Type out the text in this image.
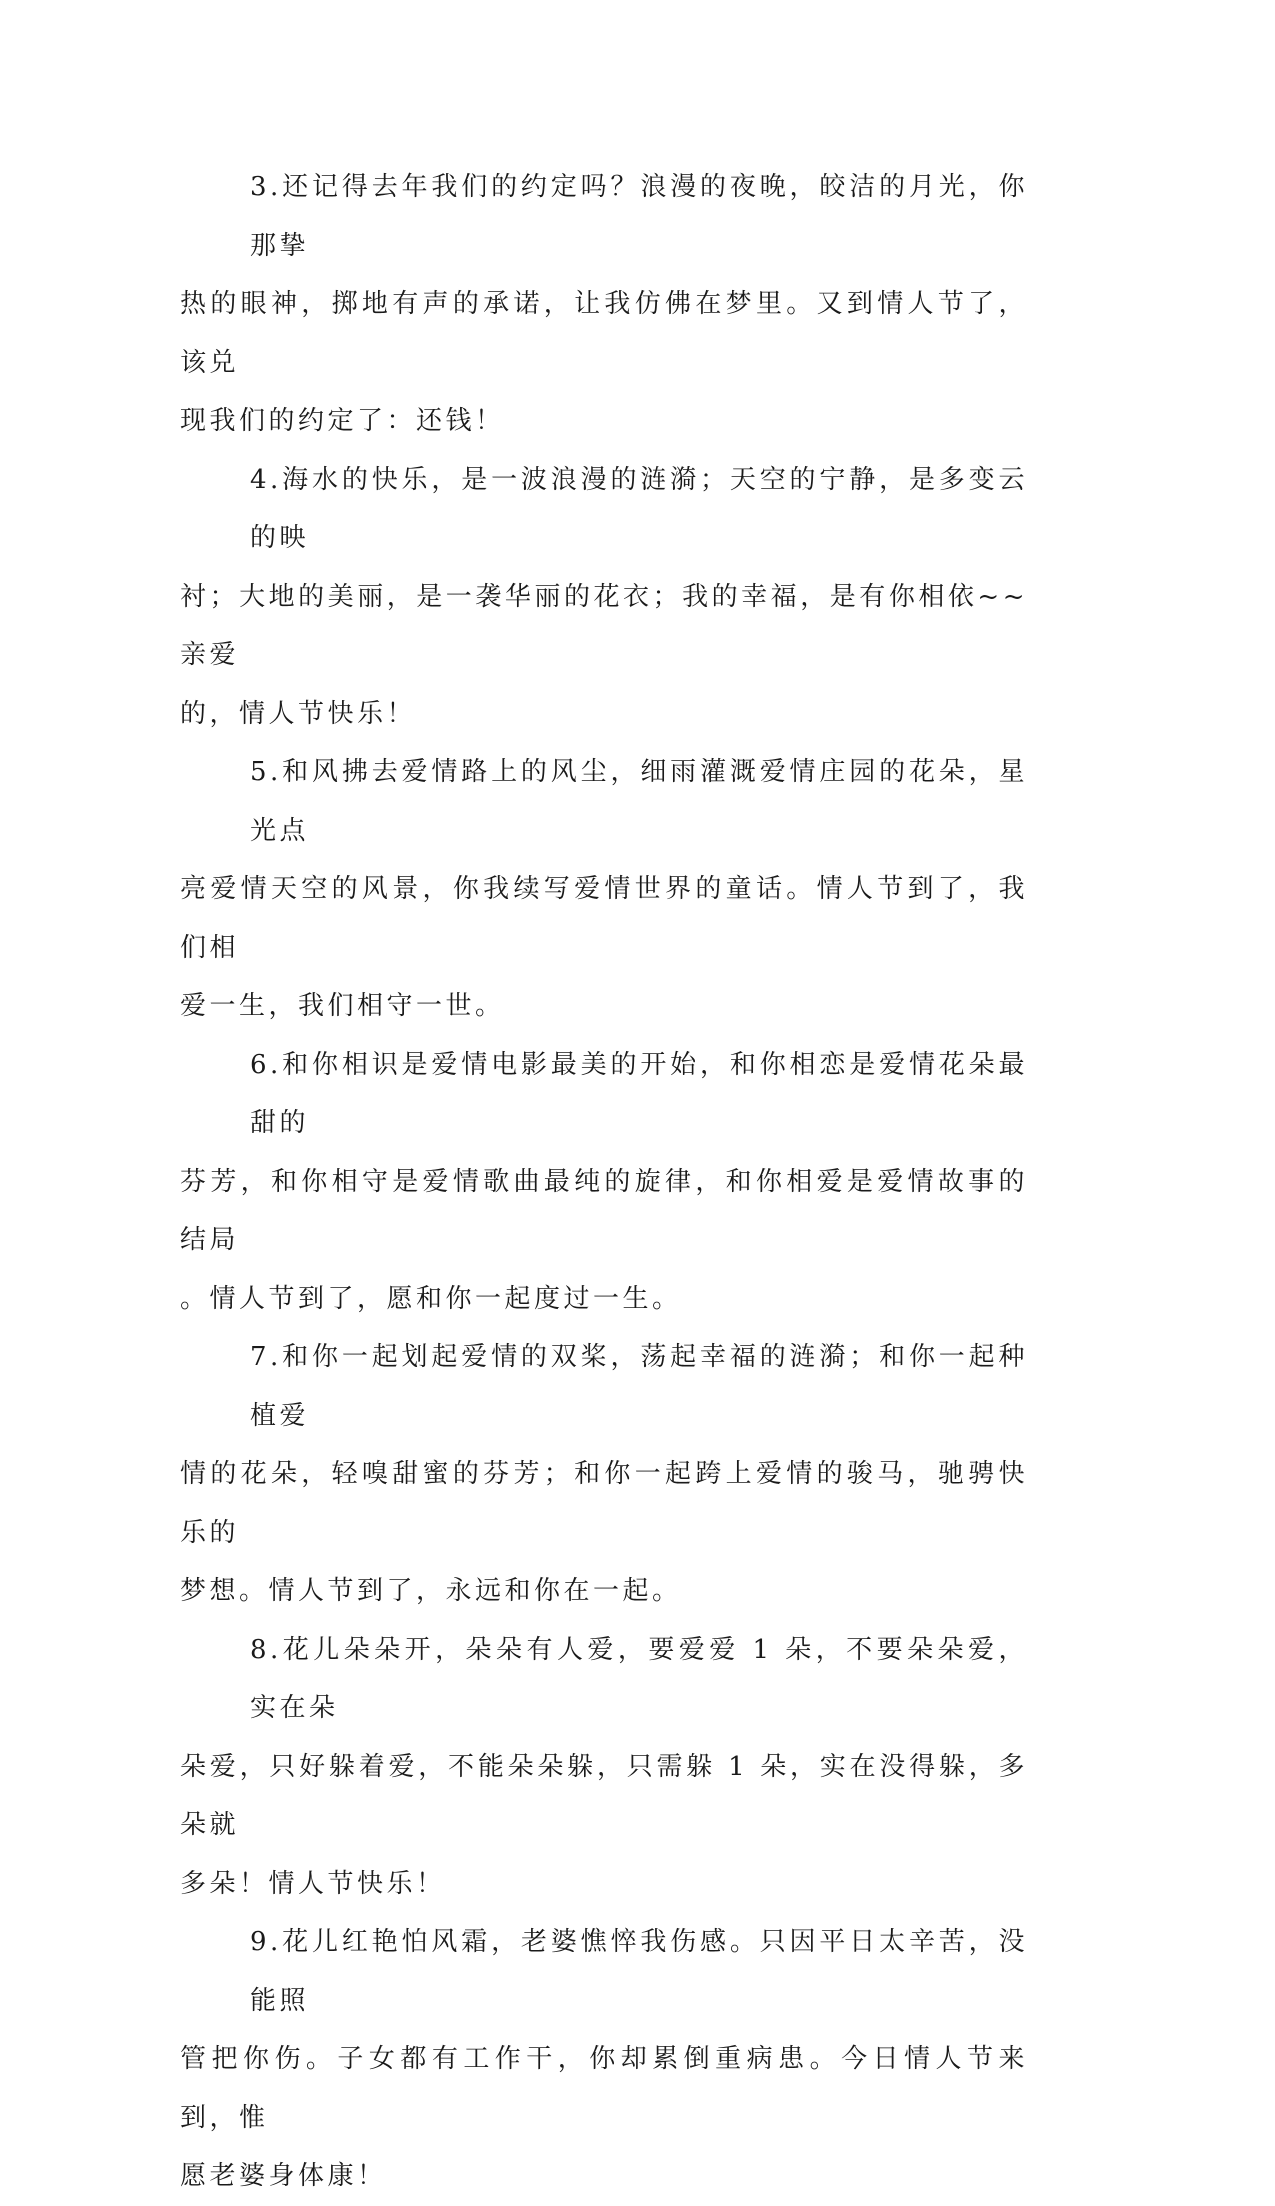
3.还记得去年我们的约定吗？浪漫的夜晚，皎洁的月光，你那挚
热的眼神，掷地有声的承诺，让我仿佛在梦里。又到情人节了，该兑
现我们的约定了：还钱！

4.海水的快乐，是一波浪漫的涟漪；天空的宁静，是多变云的映
衬；大地的美丽，是一袭华丽的花衣；我的幸福，是有你相依~~亲爱
的，情人节快乐！

5.和风拂去爱情路上的风尘，细雨灌溉爱情庄园的花朵，星光点
亮爱情天空的风景，你我续写爱情世界的童话。情人节到了，我们相
爱一生，我们相守一世。

6.和你相识是爱情电影最美的开始，和你相恋是爱情花朵最甜的
芬芳，和你相守是爱情歌曲最纯的旋律，和你相爱是爱情故事的结局
。情人节到了，愿和你一起度过一生。

7.和你一起划起爱情的双桨，荡起幸福的涟漪；和你一起种植爱
情的花朵，轻嗅甜蜜的芬芳；和你一起跨上爱情的骏马，驰骋快乐的
梦想。情人节到了，永远和你在一起。

8.花儿朵朵开，朵朵有人爱，要爱爱 1 朵，不要朵朵爱，实在朵
朵爱，只好躲着爱，不能朵朵躲，只需躲 1 朵，实在没得躲，多朵就
多朵！情人节快乐！

9.花儿红艳怕风霜，老婆憔悴我伤感。只因平日太辛苦，没能照
管把你伤。子女都有工作干，你却累倒重病患。今日情人节来到，惟
愿老婆身体康！
